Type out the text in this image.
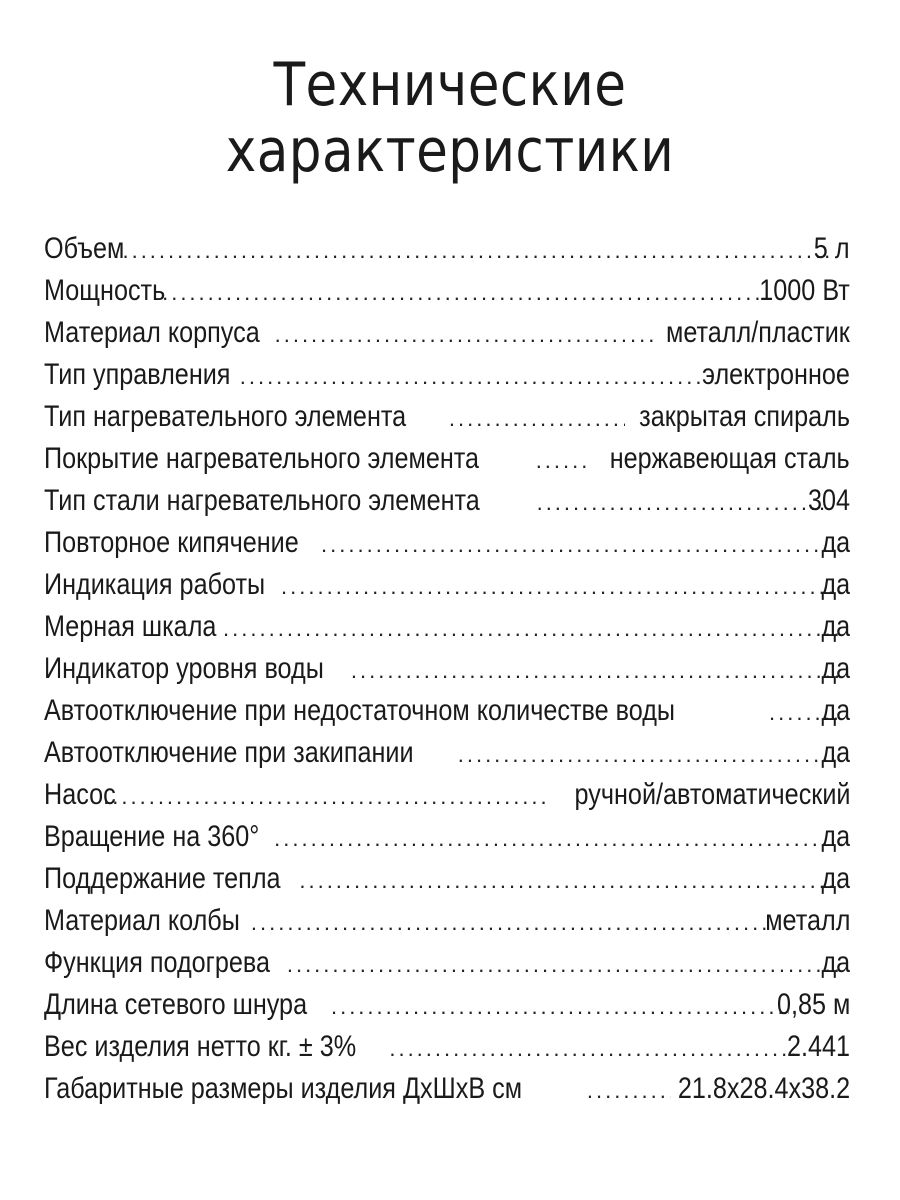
Технические
характеристики
Объем .....	5 л
Мощность .....	1000 Вт
Материал корпуса .....	металл/пластик
Тип управления .....	электронное
Тип нагревательного элемента .....	закрытая спираль
Покрытие нагревательного элемента .....	нержавеющая сталь
Тип стали нагревательного элемента .....	304
Повторное кипячение .....	да
Индикация работы .....	да
Мерная шкала .....	да
Индикатор уровня воды .....	да
Автоотключение при недостаточном количестве воды .....	да
Автоотключение при закипании .....	да
Насос .....	ручной/автоматический
Вращение на 360° .....	да
Поддержание тепла .....	да
Материал колбы .....	металл
Функция подогрева .....	да
Длина сетевого шнура .....	0,85 м
Вес изделия нетто кг. ± 3% .....	2.441
Габаритные размеры изделия ДхШхВ см .....	21.8x28.4x38.2
